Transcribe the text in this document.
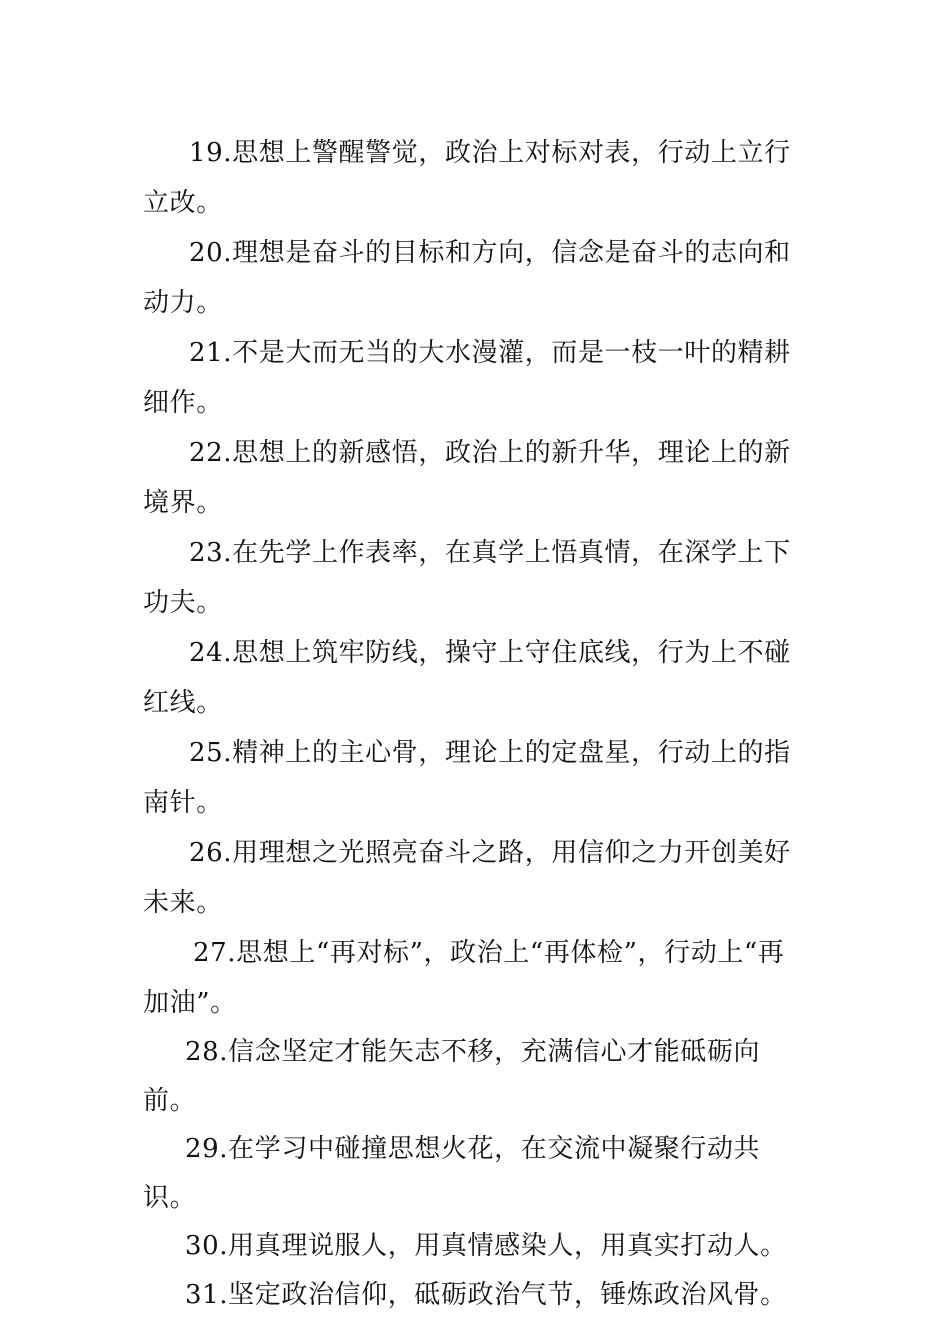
19.思想上警醒警觉，政治上对标对表，行动上立行立改。

20.理想是奋斗的目标和方向，信念是奋斗的志向和动力。

21.不是大而无当的大水漫灌，而是一枝一叶的精耕细作。

22.思想上的新感悟，政治上的新升华，理论上的新境界。

23.在先学上作表率，在真学上悟真情，在深学上下功夫。

24.思想上筑牢防线，操守上守住底线，行为上不碰红线。

25.精神上的主心骨，理论上的定盘星，行动上的指南针。

26.用理想之光照亮奋斗之路，用信仰之力开创美好未来。

27.思想上“再对标”，政治上“再体检”，行动上“再加油”。

28.信念坚定才能矢志不移，充满信心才能砥砺向前。

29.在学习中碰撞思想火花，在交流中凝聚行动共识。

30.用真理说服人，用真情感染人，用真实打动人。

31.坚定政治信仰，砥砺政治气节，锤炼政治风骨。
